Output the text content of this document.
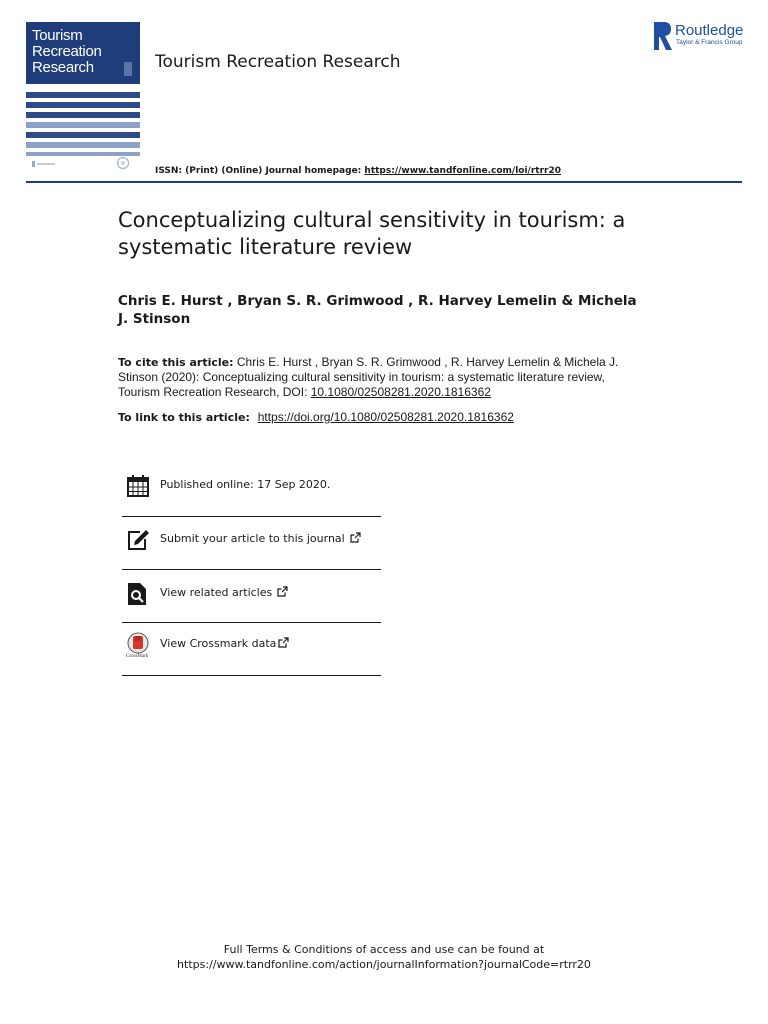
Tourism
Recreation
Research	Tourism Recreation Research
Routledge
Taylor & Francis Group
ISSN: (Print) (Online) Journal homepage: https://www.tandfonline.com/loi/rtrr20
Conceptualizing cultural sensitivity in tourism: a systematic literature review
Chris E. Hurst , Bryan S. R. Grimwood , R. Harvey Lemelin & Michela J. Stinson
To cite this article: Chris E. Hurst , Bryan S. R. Grimwood , R. Harvey Lemelin & Michela J. Stinson (2020): Conceptualizing cultural sensitivity in tourism: a systematic literature review, Tourism Recreation Research, DOI: 10.1080/02508281.2020.1816362
To link to this article: https://doi.org/10.1080/02508281.2020.1816362
Published online: 17 Sep 2020.
Submit your article to this journal
View related articles
CrossMark
View Crossmark data
Full Terms & Conditions of access and use can be found at
https://www.tandfonline.com/action/journalInformation?journalCode=rtrr20
